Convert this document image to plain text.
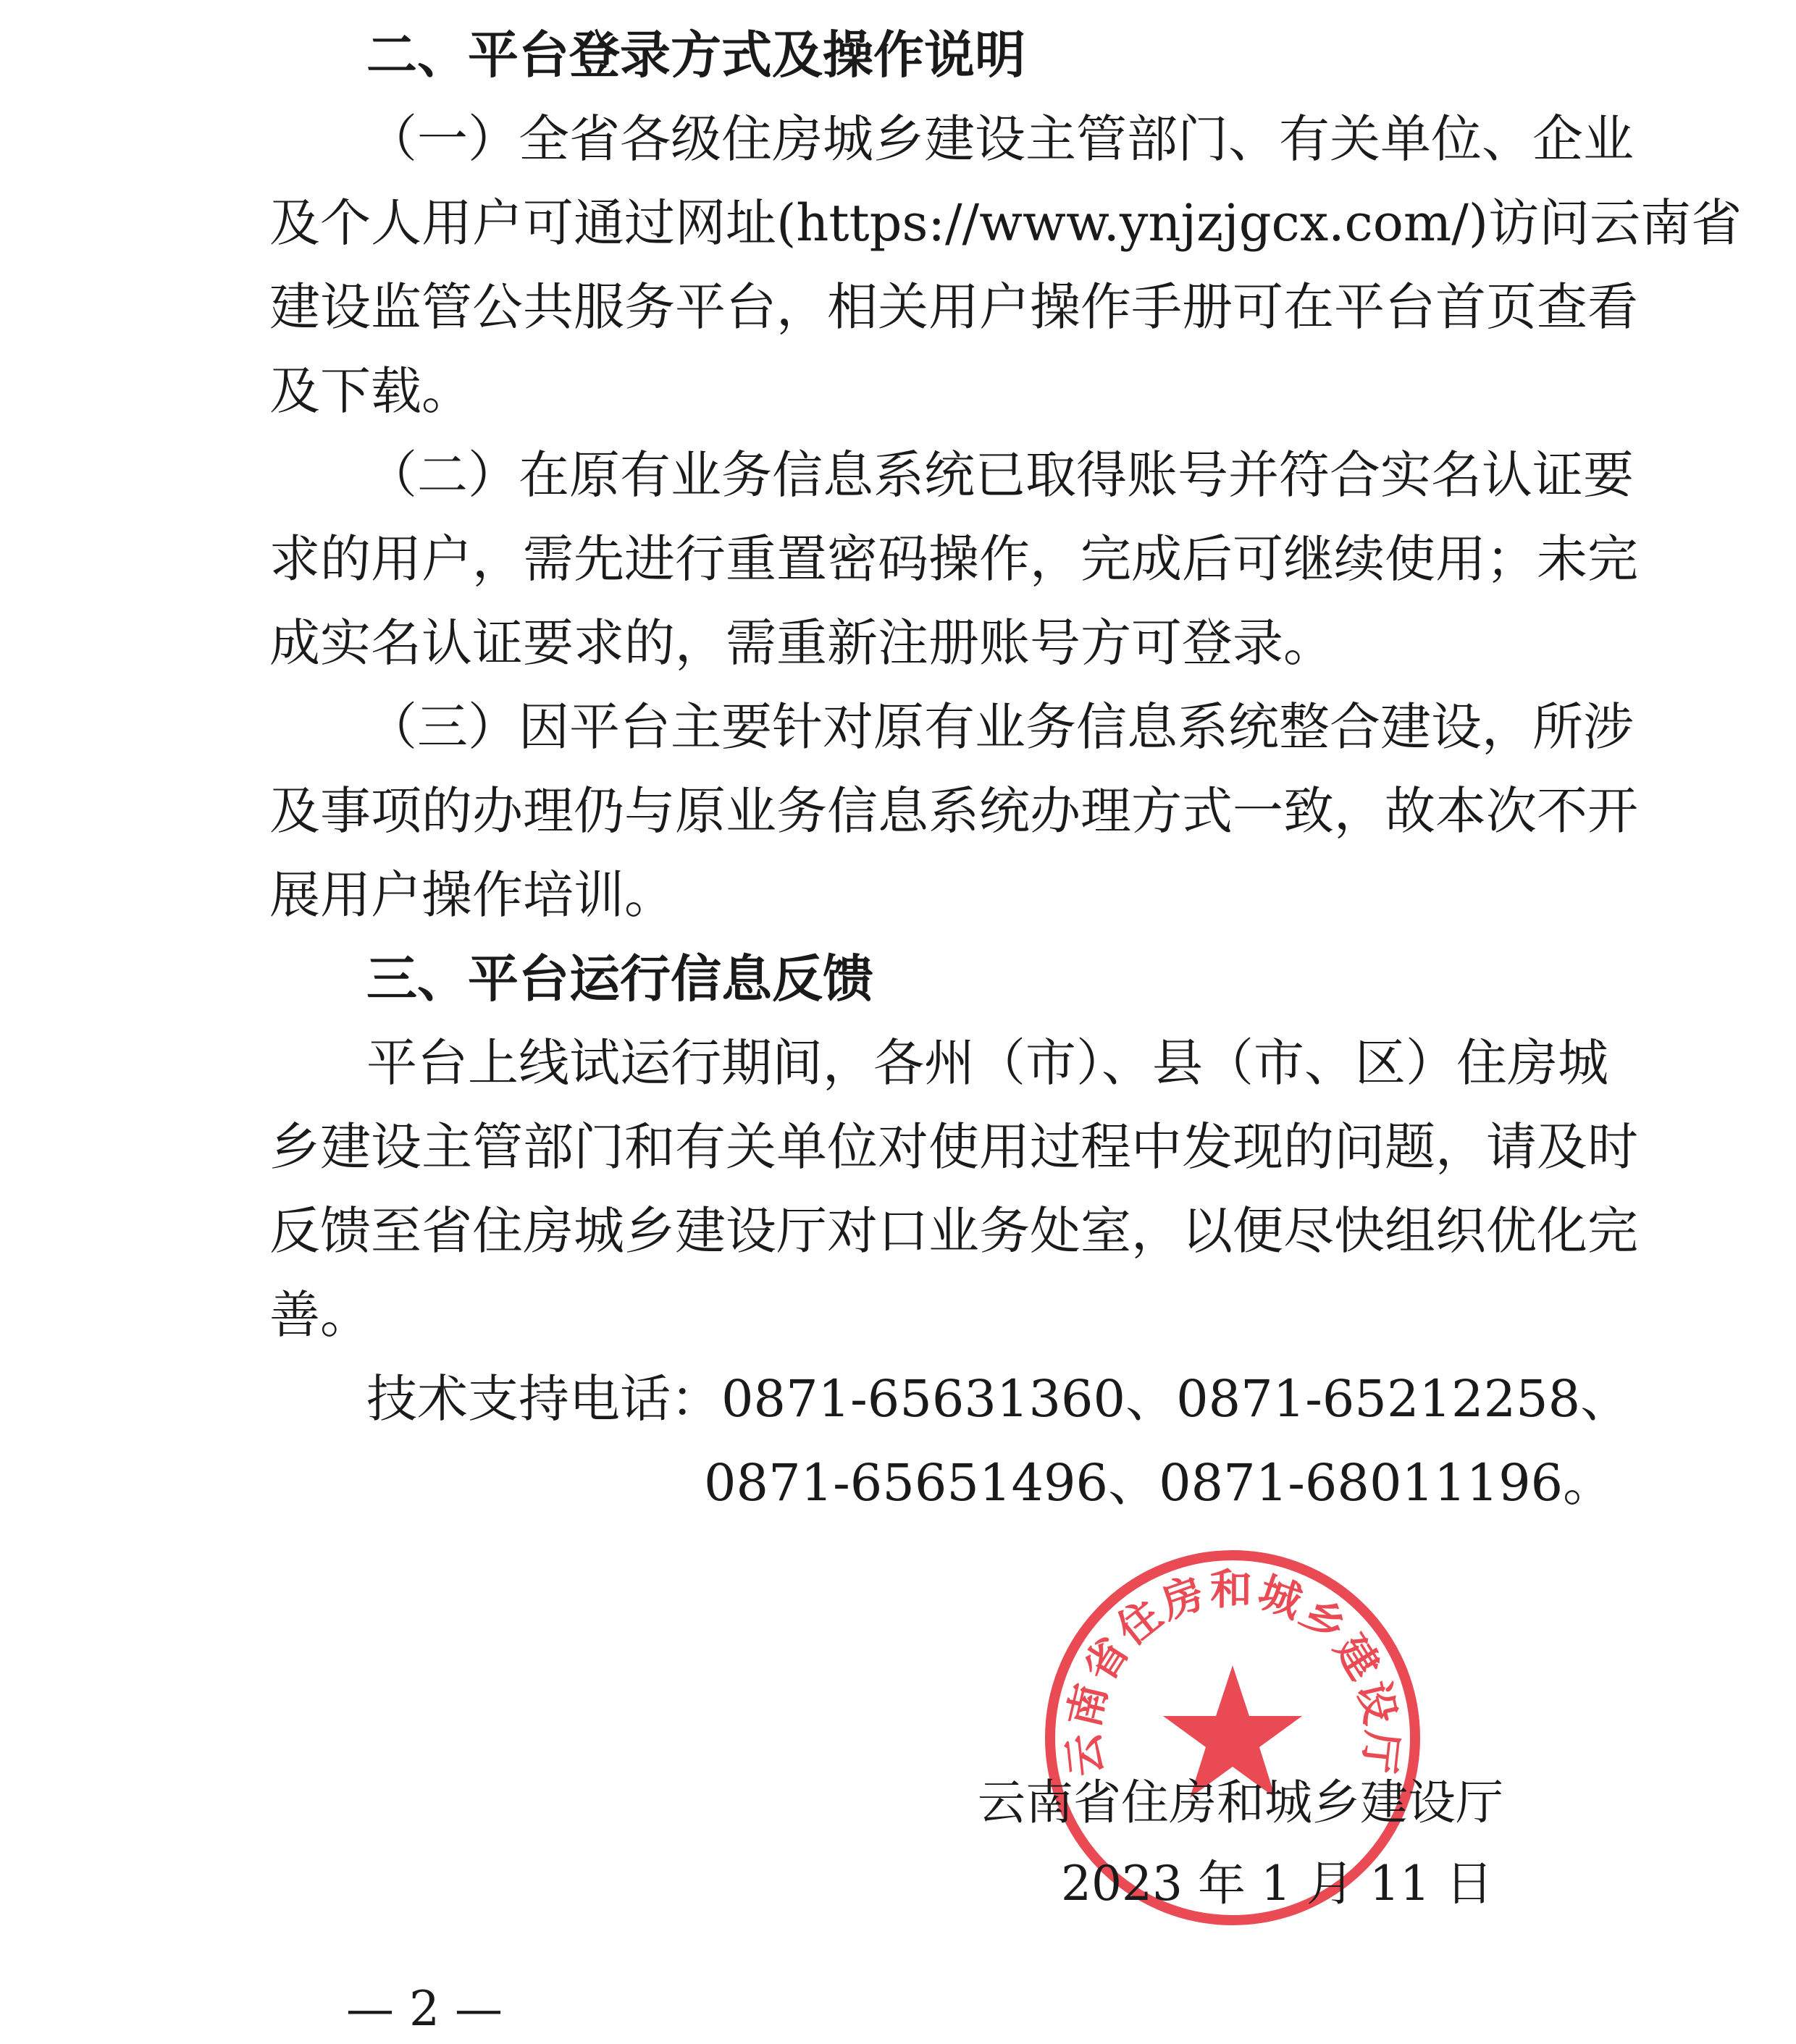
二、平台登录方式及操作说明
（一）全省各级住房城乡建设主管部门、有关单位、企业
及个人用户可通过网址(https://www.ynjzjgcx.com/)访问云南省
建设监管公共服务平台，相关用户操作手册可在平台首页查看
及下载。
（二）在原有业务信息系统已取得账号并符合实名认证要
求的用户，需先进行重置密码操作，完成后可继续使用；未完
成实名认证要求的，需重新注册账号方可登录。
（三）因平台主要针对原有业务信息系统整合建设，所涉
及事项的办理仍与原业务信息系统办理方式一致，故本次不开
展用户操作培训。
三、平台运行信息反馈
平台上线试运行期间，各州（市）、县（市、区）住房城
乡建设主管部门和有关单位对使用过程中发现的问题，请及时
反馈至省住房城乡建设厅对口业务处室，以便尽快组织优化完
善。
技术支持电话：0871-65631360、0871-65212258、
0871-65651496、0871-68011196。
云南省住房和城乡建设厅
云南省住房和城乡建设厅
2023 年 1 月 11 日
— 2 —
